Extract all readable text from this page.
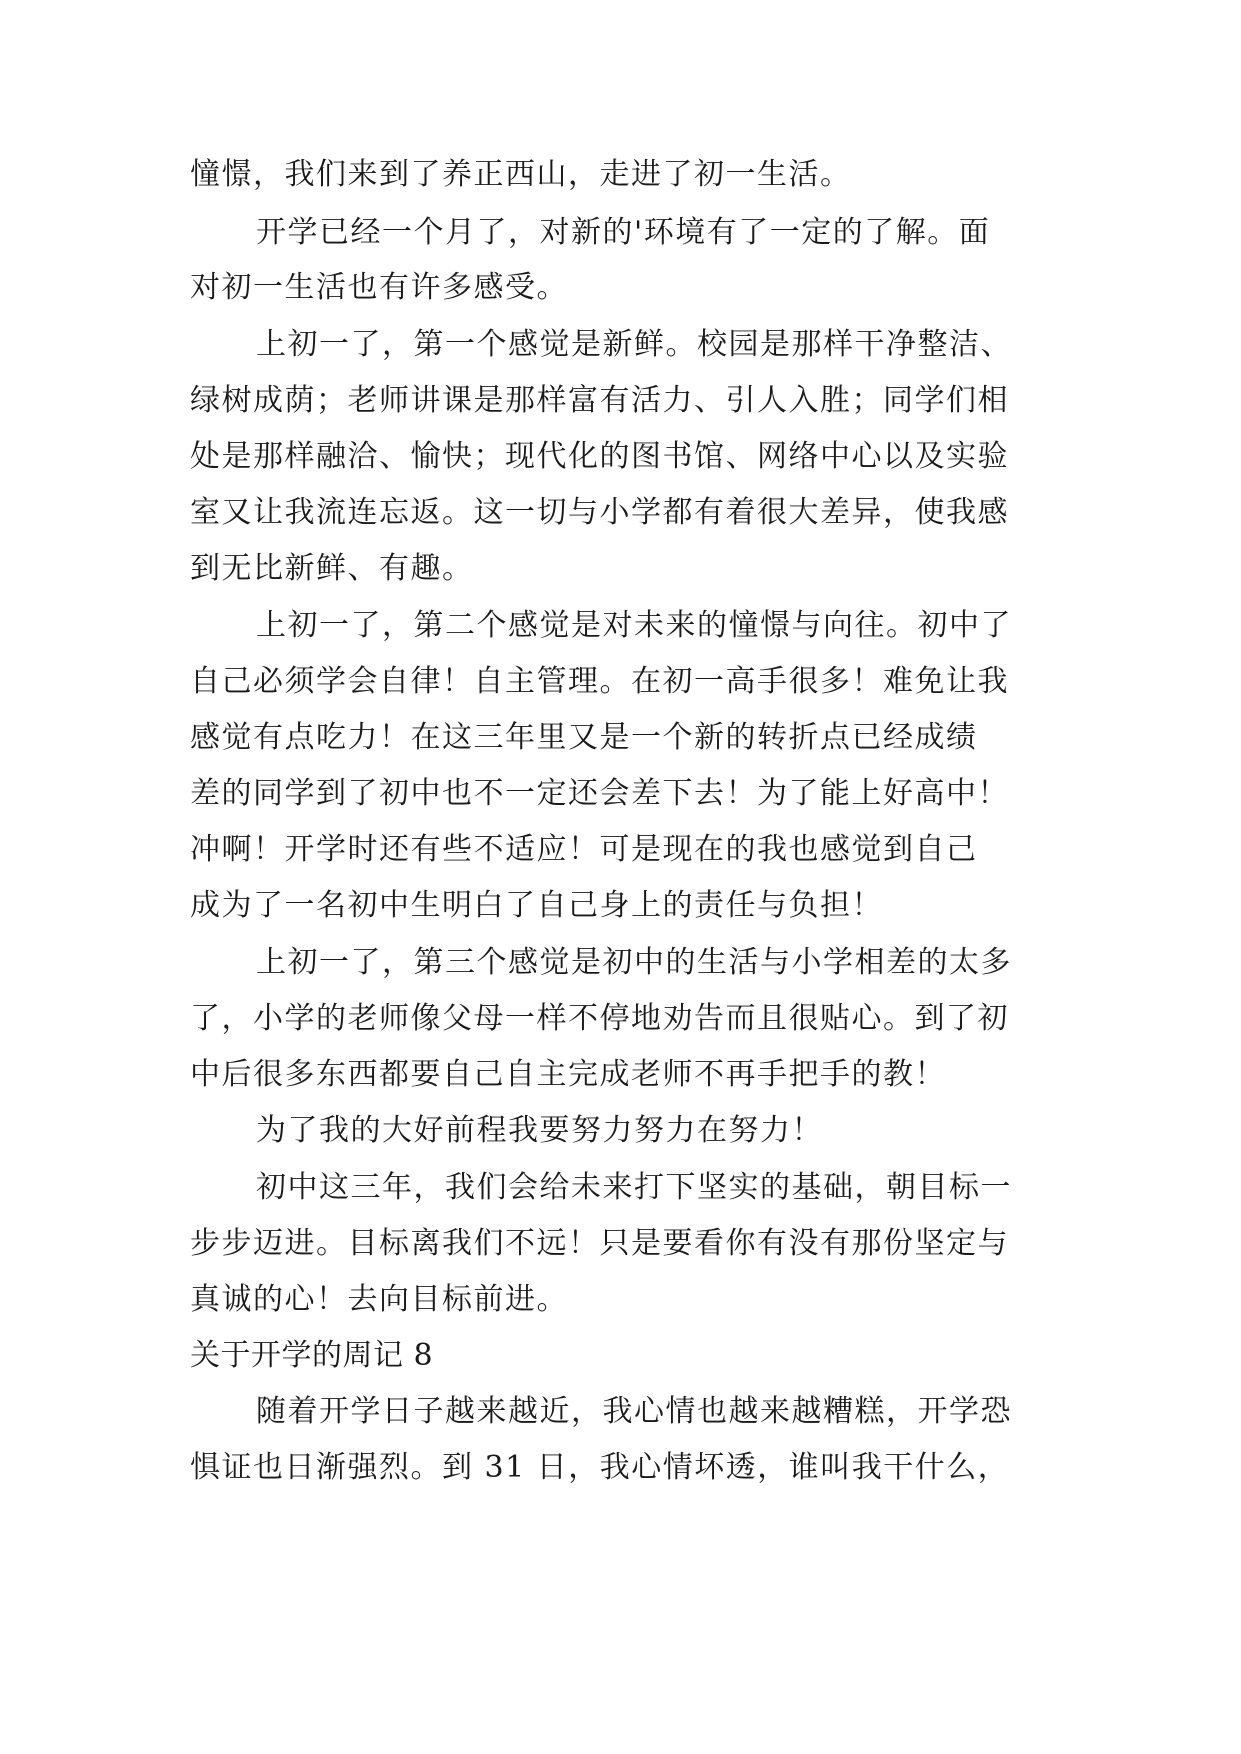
憧憬，我们来到了养正西山，走进了初一生活。
开学已经一个月了，对新的'环境有了一定的了解。面
对初一生活也有许多感受。
上初一了，第一个感觉是新鲜。校园是那样干净整洁、
绿树成荫；老师讲课是那样富有活力、引人入胜；同学们相
处是那样融洽、愉快；现代化的图书馆、网络中心以及实验
室又让我流连忘返。这一切与小学都有着很大差异，使我感
到无比新鲜、有趣。
上初一了，第二个感觉是对未来的憧憬与向往。初中了
自己必须学会自律！自主管理。在初一高手很多！难免让我
感觉有点吃力！在这三年里又是一个新的转折点已经成绩
差的同学到了初中也不一定还会差下去！为了能上好高中！
冲啊！开学时还有些不适应！可是现在的我也感觉到自己
成为了一名初中生明白了自己身上的责任与负担！
上初一了，第三个感觉是初中的生活与小学相差的太多
了，小学的老师像父母一样不停地劝告而且很贴心。到了初
中后很多东西都要自己自主完成老师不再手把手的教！
为了我的大好前程我要努力努力在努力！
初中这三年，我们会给未来打下坚实的基础，朝目标一
步步迈进。目标离我们不远！只是要看你有没有那份坚定与
真诚的心！去向目标前进。
关于开学的周记 8
随着开学日子越来越近，我心情也越来越糟糕，开学恐
惧证也日渐强烈。到 31 日，我心情坏透，谁叫我干什么，
